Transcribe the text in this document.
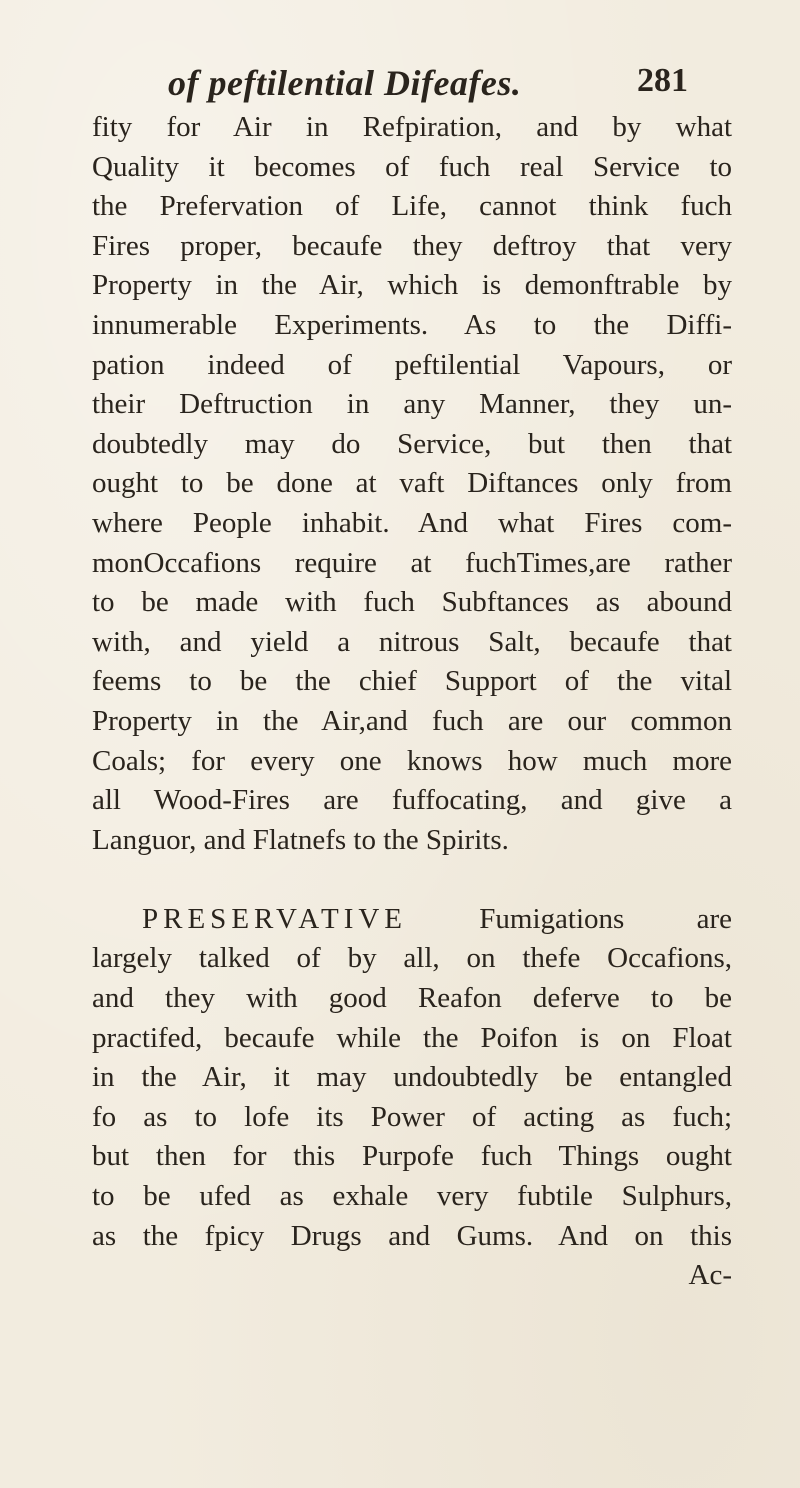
of peftilential Difeafes.	281
fity for Air in Refpiration, and by what
Quality it becomes of fuch real Service to
the Prefervation of Life, cannot think fuch
Fires proper, becaufe they deftroy that very
Property in the Air, which is demonftrable by
innumerable Experiments. As to the Diffi-
pation indeed of peftilential Vapours, or
their Deftruction in any Manner, they un-
doubtedly may do Service, but then that
ought to be done at vaft Diftances only from
where People inhabit. And what Fires com-
monOccafions require at fuchTimes,are rather
to be made with fuch Subftances as abound
with, and yield a nitrous Salt, becaufe that
feems to be the chief Support of the vital
Property in the Air,and fuch are our common
Coals; for every one knows how much more
all Wood-Fires are fuffocating, and give a
Languor, and Flatnefs to the Spirits.
PRESERVATIVE Fumigations are
largely talked of by all, on thefe Occafions,
and they with good Reafon deferve to be
practifed, becaufe while the Poifon is on Float
in the Air, it may undoubtedly be entangled
fo as to lofe its Power of acting as fuch;
but then for this Purpofe fuch Things ought
to be ufed as exhale very fubtile Sulphurs,
as the fpicy Drugs and Gums. And on this
Ac-
